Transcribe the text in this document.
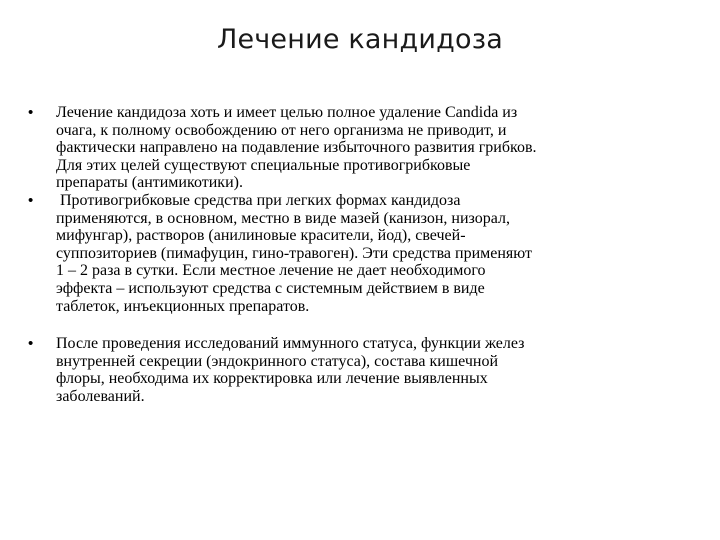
Лечение кандидоза
•	Лечение кандидоза хоть и имеет целью полное удаление Candida из
очага, к полному освобождению от него организма не приводит, и
фактически направлено на подавление избыточного развития грибков.
Для этих целей существуют специальные противогрибковые
препараты (антимикотики).
•	Противогрибковые средства при легких формах кандидоза
применяются, в основном, местно в виде мазей (канизон, низорал,
мифунгар), растворов (анилиновые красители, йод), свечей-
суппозиториев (пимафуцин, гино-травоген). Эти средства применяют
1 – 2 раза в сутки. Если местное лечение не дает необходимого
эффекта – используют средства с системным действием в виде
таблеток, инъекционных препаратов.
•	После проведения исследований иммунного статуса, функции желез
внутренней секреции (эндокринного статуса), состава кишечной
флоры, необходима их корректировка или лечение выявленных
заболеваний.
